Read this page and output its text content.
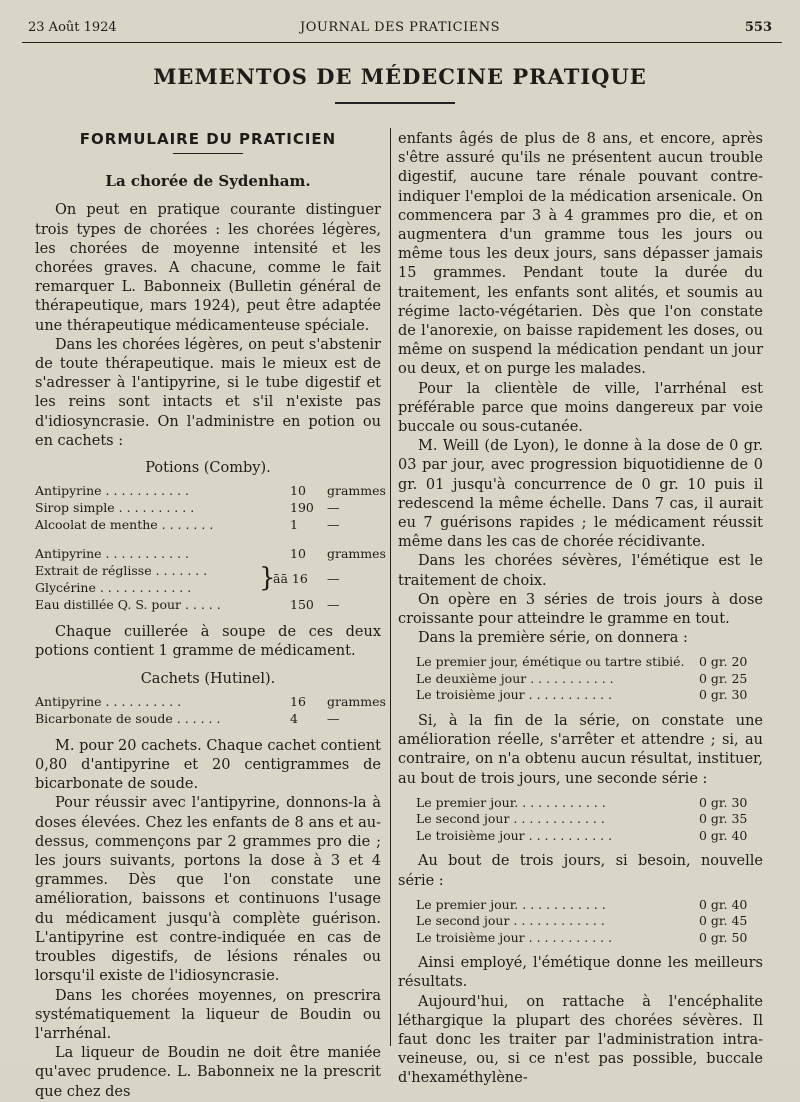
23 Août 1924	JOURNAL DES PRATICIENS	553
MEMENTOS DE MÉDECINE PRATIQUE
FORMULAIRE DU PRATICIEN
La chorée de Sydenham.

On peut en pratique courante distinguer trois types de chorées : les chorées légères, les chorées de moyenne intensité et les chorées graves. A chacune, comme le fait remarquer L. Babonneix (Bulletin général de thérapeutique, mars 1924), peut être adaptée une thérapeutique médicamenteuse spéciale.

Dans les chorées légères, on peut s'abstenir de toute thérapeutique. mais le mieux est de s'adresser à l'antipyrine, si le tube digestif et les reins sont intacts et s'il n'existe pas d'idiosyncrasie. On l'administre en potion ou en cachets :

Potions (Comby).
Antipyrine . . . . . . . . . . .	10 grammes
Sirop simple . . . . . . . . . .	190 —
Alcoolat de menthe . . . . . . .	1 —
Antipyrine . . . . . . . . . . .	10 grammes
Extrait de réglisse . . . . . . .
Glycérine . . . . . . . . . . . .	}
āā 16 —
Eau distillée Q. S. pour . . . . .	150 —

Chaque cuillerée à soupe de ces deux potions contient 1 gramme de médicament.

Cachets (Hutinel).
Antipyrine . . . . . . . . . .	16 grammes
Bicarbonate de soude . . . . . .	4 —

M. pour 20 cachets. Chaque cachet contient 0,80 d'antipyrine et 20 centigrammes de bicarbonate de soude.

Pour réussir avec l'antipyrine, donnons-la à doses élevées. Chez les enfants de 8 ans et au-dessus, commençons par 2 grammes pro die ; les jours suivants, portons la dose à 3 et 4 grammes. Dès que l'on constate une amélioration, baissons et continuons l'usage du médicament jusqu'à complète guérison. L'antipyrine est contre-indiquée en cas de troubles digestifs, de lésions rénales ou lorsqu'il existe de l'idiosyncrasie.

Dans les chorées moyennes, on prescrira systématiquement la liqueur de Boudin ou l'arrhénal.

La liqueur de Boudin ne doit être maniée qu'avec prudence. L. Babonneix ne la prescrit que chez des

enfants âgés de plus de 8 ans, et encore, après s'être assuré qu'ils ne présentent aucun trouble digestif, aucune tare rénale pouvant contre-indiquer l'emploi de la médication arsenicale. On commencera par 3 à 4 grammes pro die, et on augmentera d'un gramme tous les jours ou même tous les deux jours, sans dépasser jamais 15 grammes. Pendant toute la durée du traitement, les enfants sont alités, et soumis au régime lacto-végétarien. Dès que l'on constate de l'anorexie, on baisse rapidement les doses, ou même on suspend la médication pendant un jour ou deux, et on purge les malades.

Pour la clientèle de ville, l'arrhénal est préférable parce que moins dangereux par voie buccale ou sous-cutanée.

M. Weill (de Lyon), le donne à la dose de 0 gr. 03 par jour, avec progression biquotidienne de 0 gr. 01 jusqu'à concurrence de 0 gr. 10 puis il redescend la même échelle. Dans 7 cas, il aurait eu 7 guérisons rapides ; le médicament réussit même dans les cas de chorée récidivante.

Dans les chorées sévères, l'émétique est le traitement de choix.

On opère en 3 séries de trois jours à dose croissante pour atteindre le gramme en tout.

Dans la première série, on donnera :

Le premier jour, émétique ou tartre stibié. 0 gr. 20
Le deuxième jour . . . . . . . . . . .	0 gr. 25
Le troisième jour . . . . . . . . . . .	0 gr. 30

Si, à la fin de la série, on constate une amélioration réelle, s'arrêter et attendre ; si, au contraire, on n'a obtenu aucun résultat, instituer, au bout de trois jours, une seconde série :

Le premier jour. . . . . . . . . . . .	0 gr. 30
Le second jour . . . . . . . . . . . .	0 gr. 35
Le troisième jour . . . . . . . . . . .	0 gr. 40

Au bout de trois jours, si besoin, nouvelle série :

Le premier jour. . . . . . . . . . . .	0 gr. 40
Le second jour . . . . . . . . . . . .	0 gr. 45
Le troisième jour . . . . . . . . . . .	0 gr. 50

Ainsi employé, l'émétique donne les meilleurs résultats.

Aujourd'hui, on rattache à l'encéphalite léthargique la plupart des chorées sévères. Il faut donc les traiter par l'administration intra-veineuse, ou, si ce n'est pas possible, buccale d'hexaméthylène-
